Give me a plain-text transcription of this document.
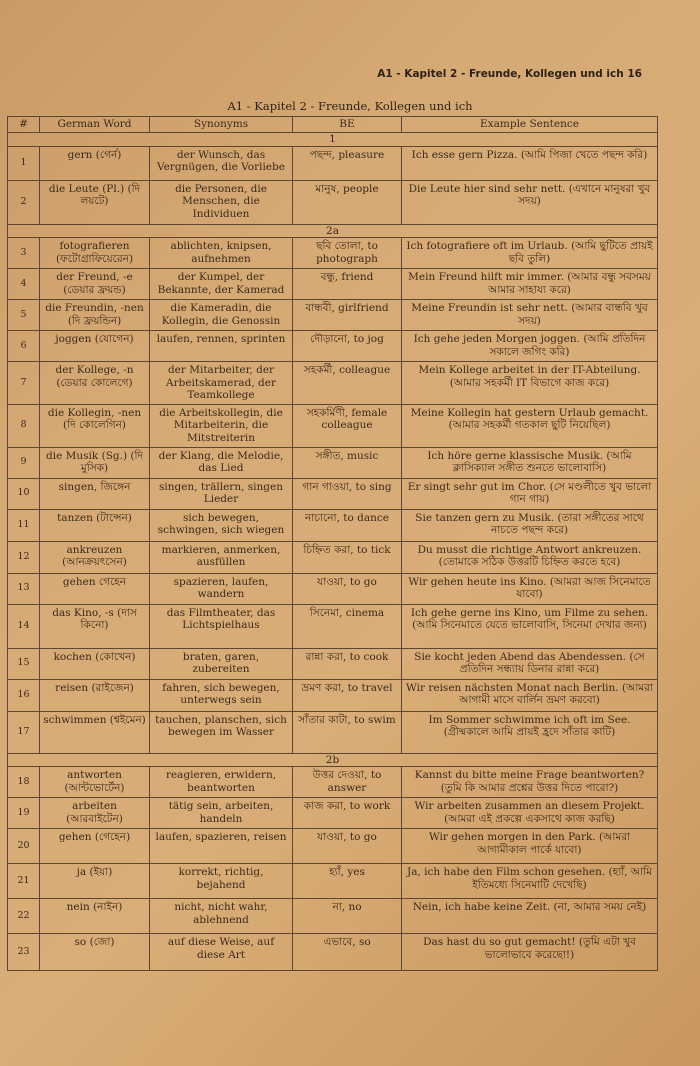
A1 - Kapitel 2 - Freunde, Kollegen und ich 16
A1 - Kapitel 2 - Freunde, Kollegen und ich
#	German Word	Synonyms	BE	Example Sentence
1				
1	gern (গের্ন)	der Wunsch, das Vergnügen, die Vorliebe	পছন্দ, pleasure	Ich esse gern Pizza. (আমি পিজা খেতে পছন্দ করি)
2	die Leute (Pl.) (দি লয়টে)	die Personen, die Menschen, die Individuen	মানুষ, people	Die Leute hier sind sehr nett. (এখানে মানুষরা খুব সদয়)
2a				
3	fotografieren (ফটোগ্রাফিয়েরেন)	ablichten, knipsen, aufnehmen	ছবি তোলা, to photograph	Ich fotografiere oft im Urlaub. (আমি ছুটিতে প্রায়ই ছবি তুলি)
4	der Freund, -e (ডেয়ার ফ্রয়ন্ড)	der Kumpel, der Bekannte, der Kamerad	বন্ধু, friend	Mein Freund hilft mir immer. (আমার বন্ধু সবসময় আমার সাহায্য করে)
5	die Freundin, -nen (দি ফ্রয়ন্ডিন)	die Kameradin, die Kollegin, die Genossin	বান্ধবী, girlfriend	Meine Freundin ist sehr nett. (আমার বান্ধবি খুব সদয়)
6	joggen (যোগেন)	laufen, rennen, sprinten	দৌড়ানো, to jog	Ich gehe jeden Morgen joggen. (আমি প্রতিদিন সকালে জগিং করি)
7	der Kollege, -n (ডেয়ার কোলেগে)	der Mitarbeiter, der Arbeitskamerad, der Teamkollege	সহকর্মী, colleague	Mein Kollege arbeitet in der IT-Abteilung. (আমার সহকর্মী IT বিভাগে কাজ করে)
8	die Kollegin, -nen (দি কোলেগিন)	die Arbeitskollegin, die Mitarbeiterin, die Mitstreiterin	সহকর্মিণী, female colleague	Meine Kollegin hat gestern Urlaub gemacht. (আমার সহকর্মী গতকাল ছুটি নিয়েছিল)
9	die Musik (Sg.) (দি মুসিক)	der Klang, die Melodie, das Lied	সঙ্গীত, music	Ich höre gerne klassische Musik. (আমি ক্লাসিক্যাল সঙ্গীত শুনতে ভালোবাসি)
10	singen, জিঙ্গেন	singen, trällern, singen Lieder	গান গাওয়া, to sing	Er singt sehr gut im Chor. (সে মণ্ডলীতে খুব ভালো গান গায়)
11	tanzen (টান্সেন)	sich bewegen, schwingen, sich wiegen	নাচানো, to dance	Sie tanzen gern zu Musik. (তারা সঙ্গীতের সাথে নাচতে পছন্দ করে)
12	ankreuzen (আনক্রয়ৎসেন)	markieren, anmerken, ausfüllen	চিহ্নিত করা, to tick	Du musst die richtige Antwort ankreuzen. (তোমাকে সঠিক উত্তরটি চিহ্নিত করতে হবে)
13	gehen গেহেন	spazieren, laufen, wandern	যাওয়া, to go	Wir gehen heute ins Kino. (আমরা আজ সিনেমাতে যাবো)
14	das Kino, -s (দাস কিনো)	das Filmtheater, das Lichtspielhaus	সিনেমা, cinema	Ich gehe gerne ins Kino, um Filme zu sehen. (আমি সিনেমাতে যেতে ভালোবাসি, সিনেমা দেখার জন্য)
15	kochen (কোখেন)	braten, garen, zubereiten	রান্না করা, to cook	Sie kocht jeden Abend das Abendessen. (সে প্রতিদিন সন্ধ্যায় ডিনার রান্না করে)
16	reisen (রাইজেন)	fahren, sich bewegen, unterwegs sein	ভ্রমণ করা, to travel	Wir reisen nächsten Monat nach Berlin. (আমরা আগামী মাসে বার্লিন ভ্রমণ করবো)
17	schwimmen (শ্বইমেন)	tauchen, planschen, sich bewegen im Wasser	সাঁতার কাটা, to swim	Im Sommer schwimme ich oft im See. (গ্রীষ্মকালে আমি প্রায়ই হ্রদে সাঁতার কাটি)
2b				
18	antworten (আন্টভোর্টেন)	reagieren, erwidern, beantworten	উত্তর দেওয়া, to answer	Kannst du bitte meine Frage beantworten? (তুমি কি আমার প্রশ্নের উত্তর দিতে পারো?)
19	arbeiten (আরবাইটেন)	tätig sein, arbeiten, handeln	কাজ করা, to work	Wir arbeiten zusammen an diesem Projekt. (আমরা এই প্রকল্পে একসাথে কাজ করছি)
20	gehen (গেহেন)	laufen, spazieren, reisen	যাওয়া, to go	Wir gehen morgen in den Park. (আমরা আগামীকাল পার্কে যাবো)
21	ja (ইয়া)	korrekt, richtig, bejahend	হ্যাঁ, yes	Ja, ich habe den Film schon gesehen. (হ্যাঁ, আমি ইতিমধ্যে সিনেমাটি দেখেছি)
22	nein (নাইন)	nicht, nicht wahr, ablehnend	না, no	Nein, ich habe keine Zeit. (না, আমার সময় নেই)
23	so (জো)	auf diese Weise, auf diese Art	এভাবে, so	Das hast du so gut gemacht! (তুমি এটা খুব ভালোভাবে করেছো!)
